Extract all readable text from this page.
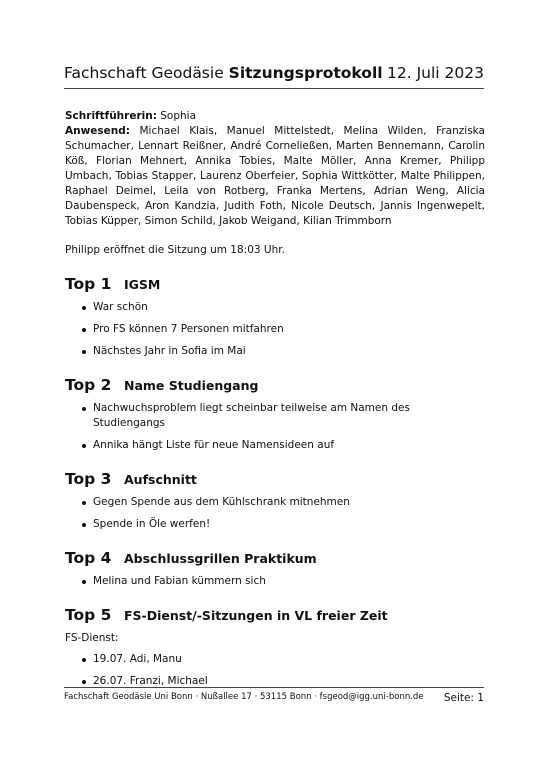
Fachschaft Geodäsie Sitzungsprotokoll 12. Juli 2023

Schriftführerin: Sophia

Anwesend: Michael Klais, Manuel Mittelstedt, Melina Wilden, Franziska Schumacher, Lennart Reißner, André Corneließen, Marten Bennemann, Carolin Köß, Florian Mehnert, Annika Tobies, Malte Möller, Anna Kremer, Philipp Umbach, Tobias Stapper, Laurenz Oberfeier, Sophia Wittkötter, Malte Philippen, Raphael Deimel, Leila von Rotberg, Franka Mertens, Adrian Weng, Alicia Daubenspeck, Aron Kandzia, Judith Foth, Nicole Deutsch, Jannis Ingenwepelt, Tobias Küpper, Simon Schild, Jakob Weigand, Kilian Trimmborn

Philipp eröffnet die Sitzung um 18:03 Uhr.

Top 1	IGSM
War schön
Pro FS können 7 Personen mitfahren
Nächstes Jahr in Sofia im Mai
Top 2	Name Studiengang
Nachwuchsproblem liegt scheinbar teilweise am Namen des Studiengangs
Annika hängt Liste für neue Namensideen auf
Top 3	Aufschnitt
Gegen Spende aus dem Kühlschrank mitnehmen
Spende in Öle werfen!
Top 4	Abschlussgrillen Praktikum
Melina und Fabian kümmern sich
Top 5	FS-Dienst/-Sitzungen in VL freier Zeit

FS-Dienst:

19.07. Adi, Manu
26.07. Franzi, Michael
Fachschaft Geodäsie Uni Bonn · Nußallee 17 · 53115 Bonn · fsgeod@igg.uni-bonn.de Seite: 1
